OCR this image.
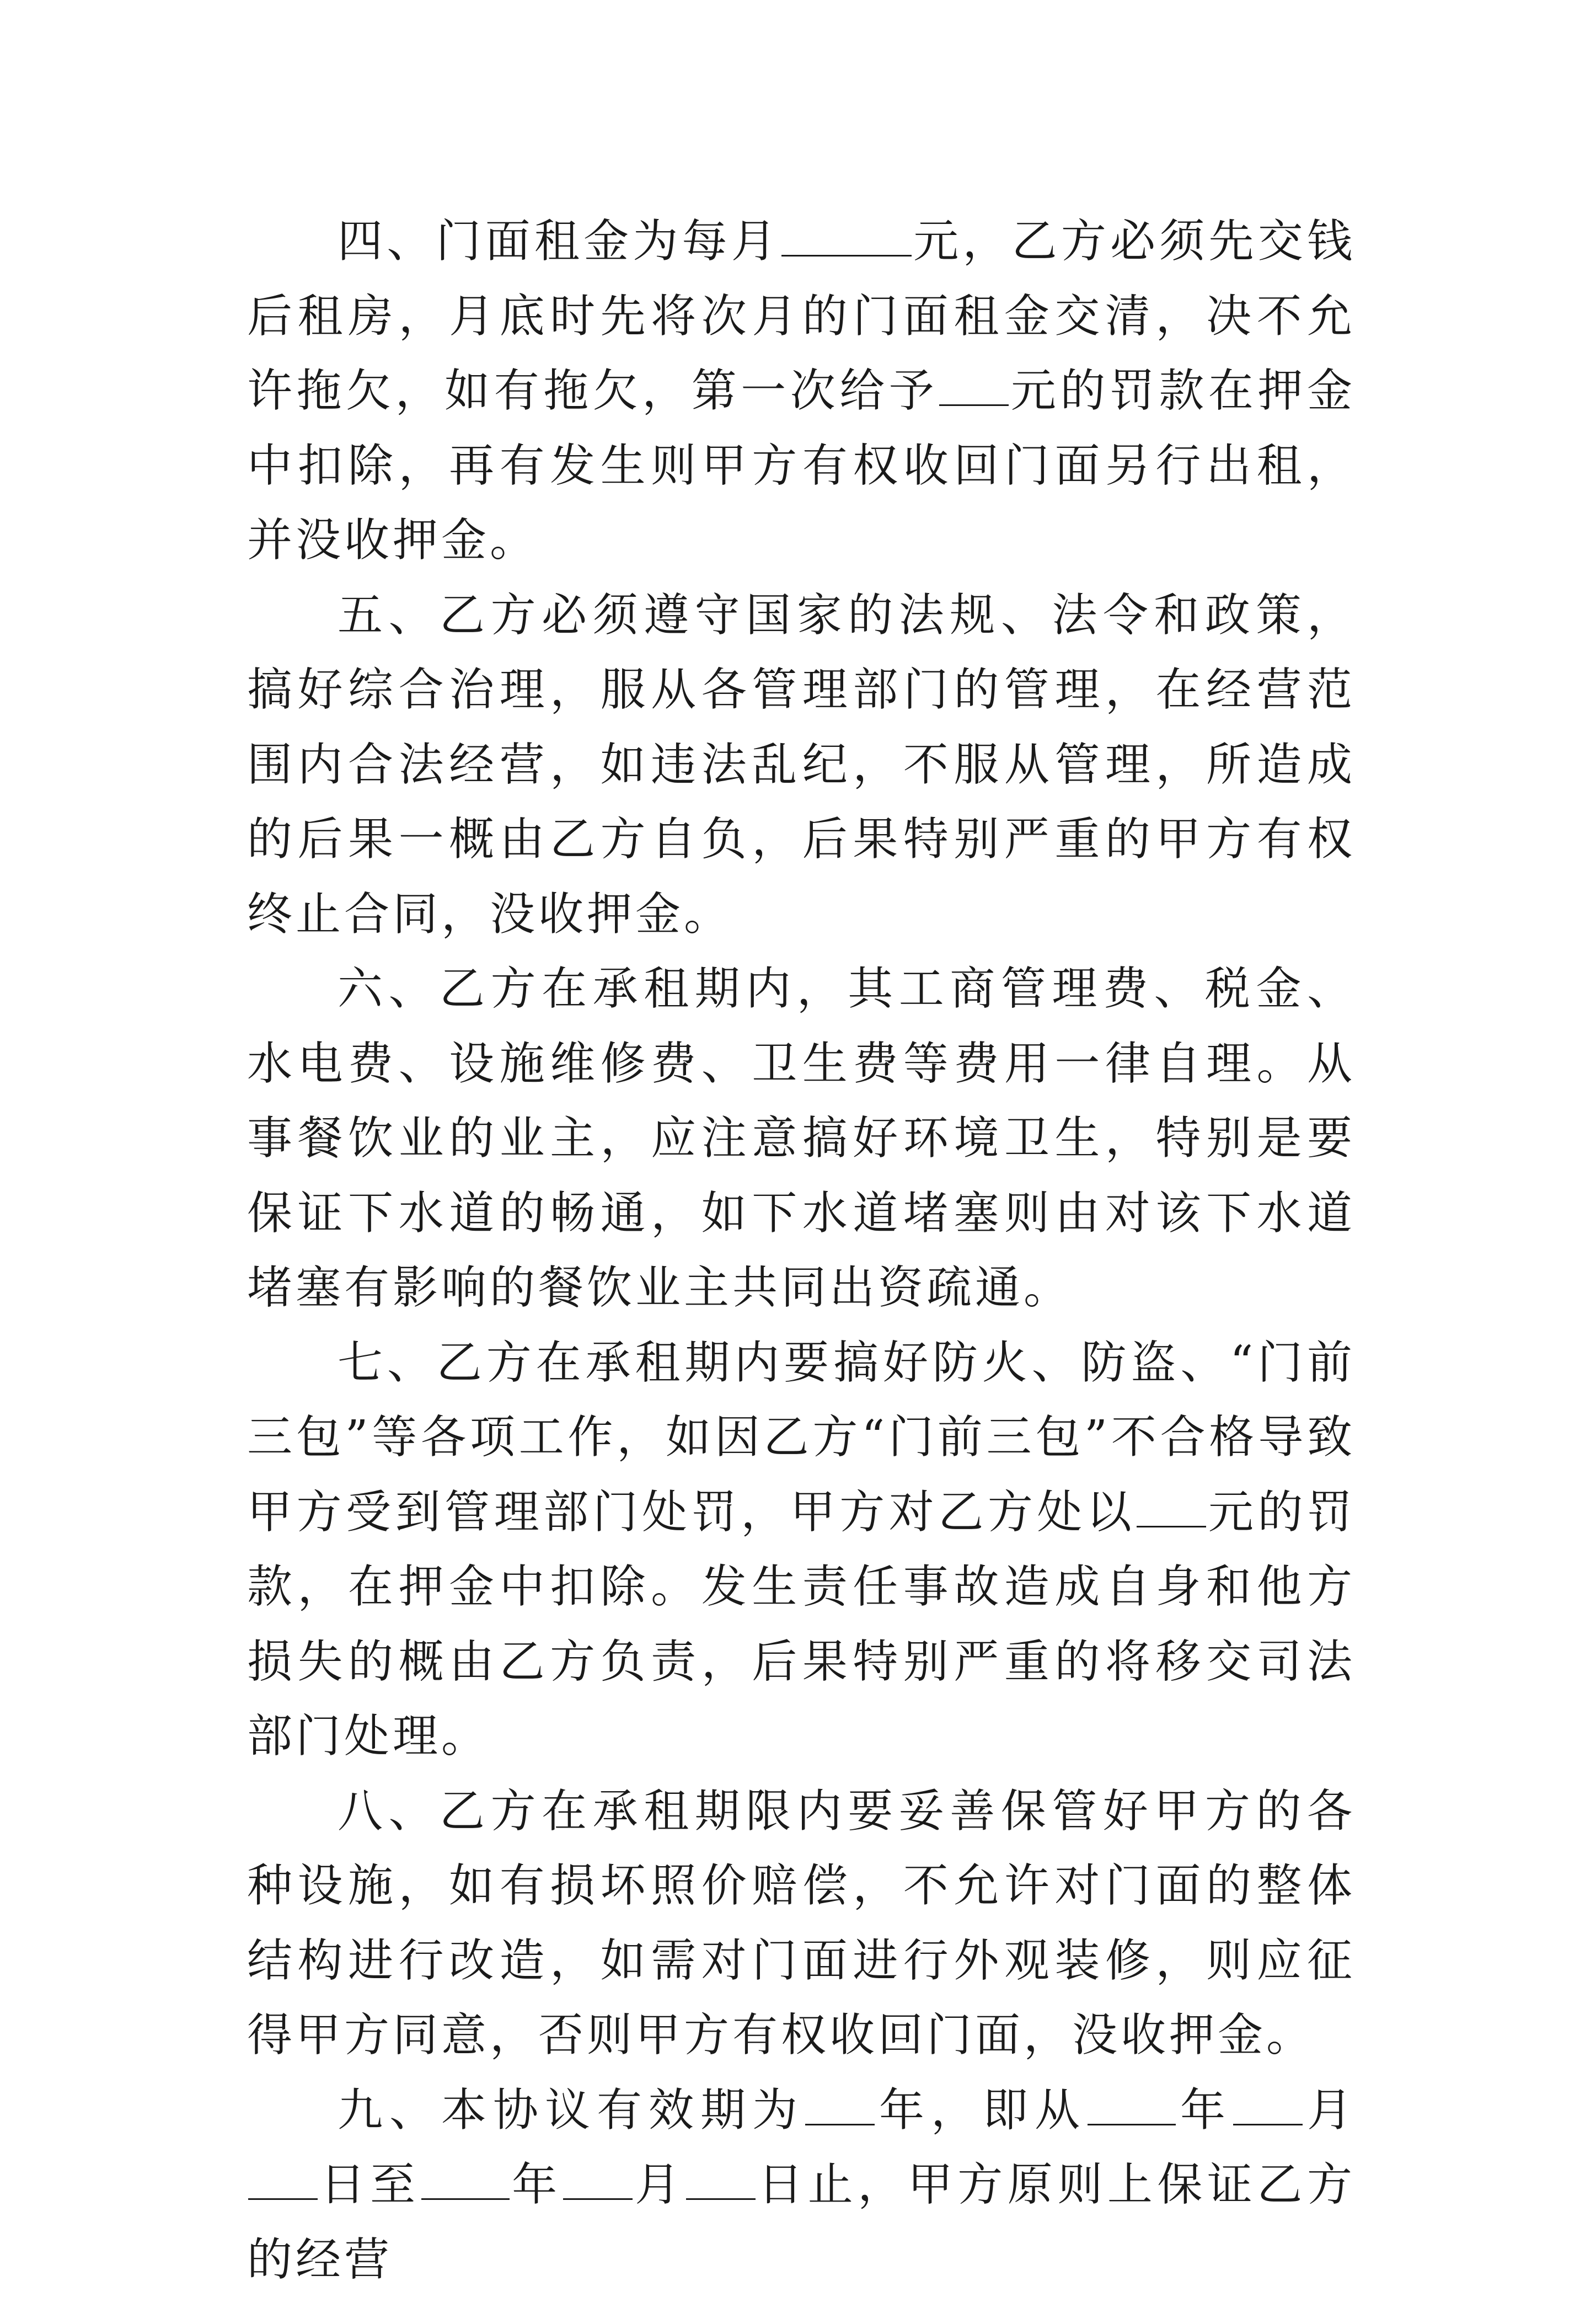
四、门面租金为每月	元，乙方必须先交钱后租房，月底时先将次月的门面租金交清，决不允许拖欠，如有拖欠，第一次给予 元的罚款在押金中扣除，再有发生则甲方有权收回门面另行出租，并没收押金。

五、乙方必须遵守国家的法规、法令和政策，搞好综合治理，服从各管理部门的管理，在经营范围内合法经营，如违法乱纪，不服从管理，所造成的后果一概由乙方自负，后果特别严重的甲方有权终止合同，没收押金。

六、乙方在承租期内，其工商管理费、税金、水电费、设施维修费、卫生费等费用一律自理。从事餐饮业的业主，应注意搞好环境卫生，特别是要保证下水道的畅通，如下水道堵塞则由对该下水道堵塞有影响的餐饮业主共同出资疏通。

七、乙方在承租期内要搞好防火、防盗、“门前三包”等各项工作，如因乙方“门前三包”不合格导致甲方受到管理部门处罚，甲方对乙方处以 元的罚款，在押金中扣除。发生责任事故造成自身和他方损失的概由乙方负责，后果特别严重的将移交司法部门处理。

八、乙方在承租期限内要妥善保管好甲方的各种设施，如有损坏照价赔偿，不允许对门面的整体结构进行改造，如需对门面进行外观装修，则应征得甲方同意，否则甲方有权收回门面，没收押金。

九、本协议有效期为 年，即从 年 月日至 年 月 日止，甲方原则上保证乙方的经营
